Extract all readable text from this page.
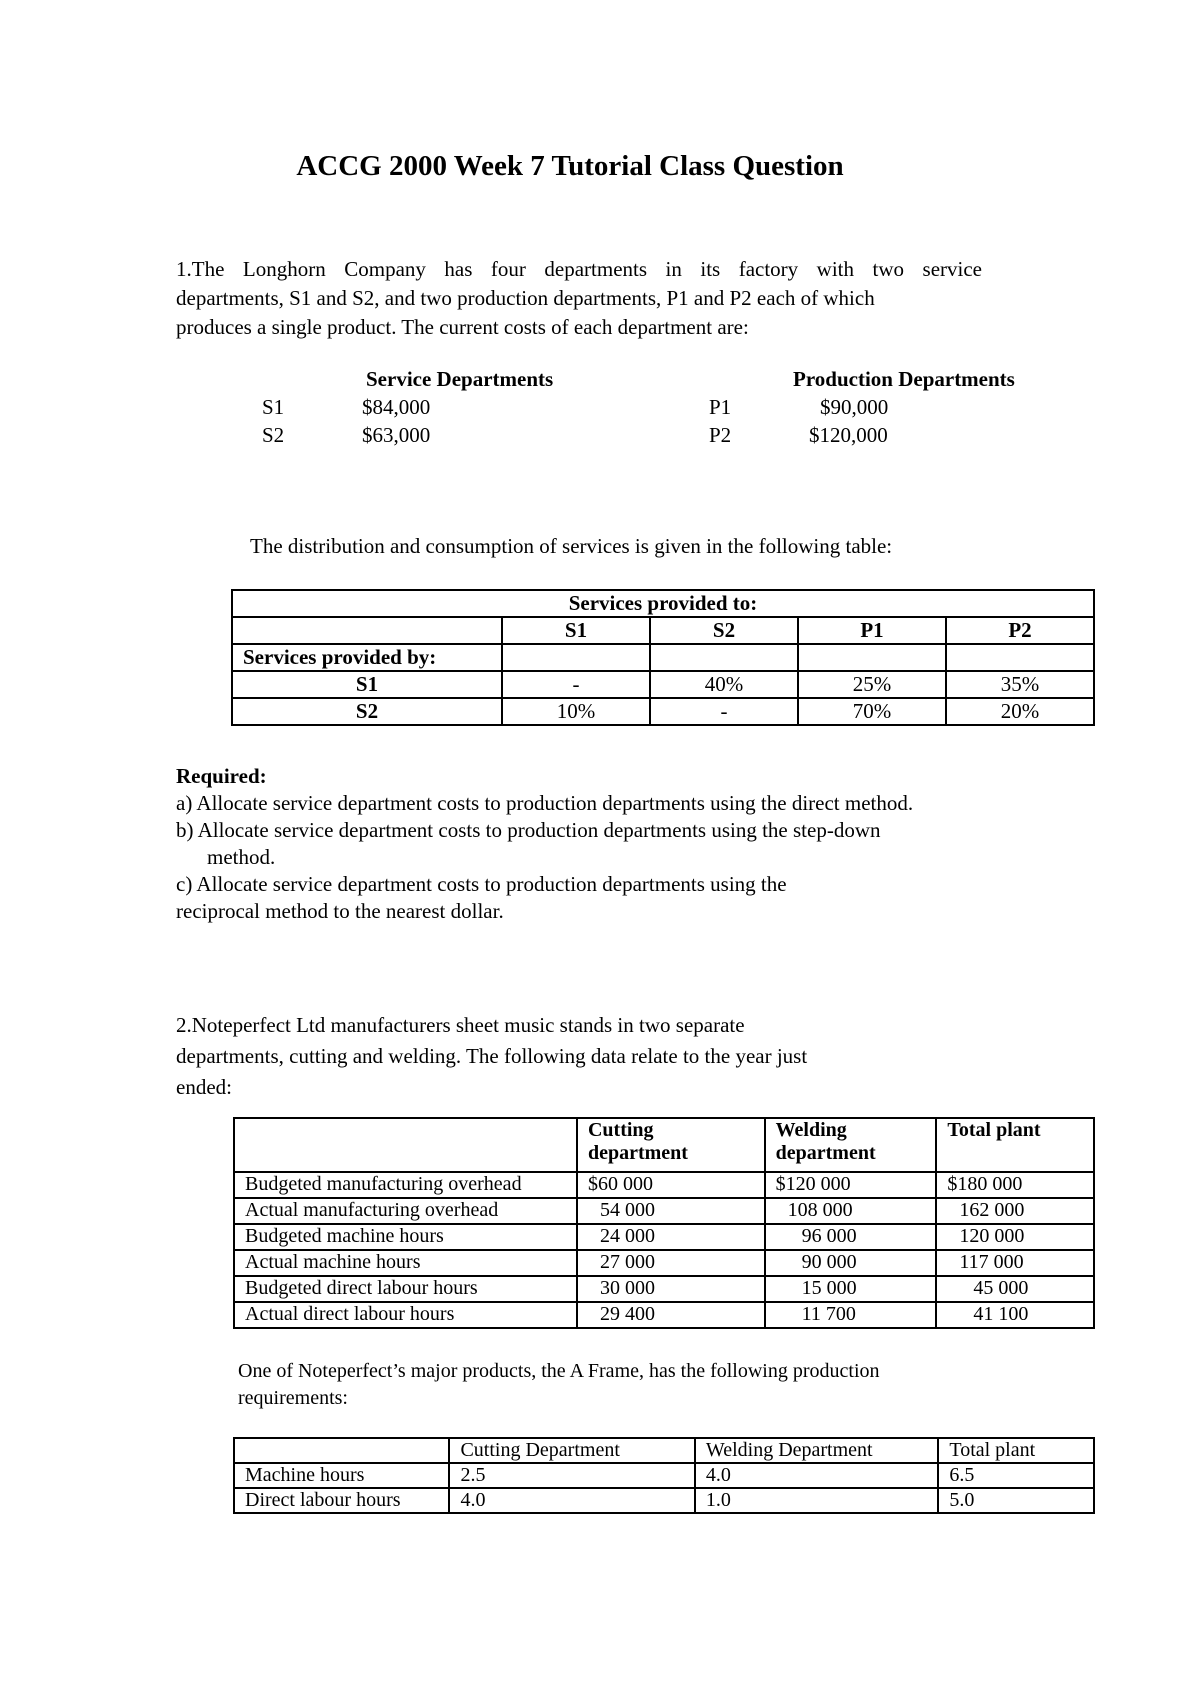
ACCG 2000 Week 7 Tutorial Class Question
1.The Longhorn Company has four departments in its factory with two service
departments, S1 and S2, and two production departments, P1 and P2 each of which
produces a single product. The current costs of each department are:
Service Departments	Production Departments
S1	$84,000
S2	$63,000
P1	$90,000
P2	$120,000
The distribution and consumption of services is given in the following table:
Services provided to:				
	S1	S2	P1	P2
Services provided by:				
S1	-	40%	25%	35%
S2	10%	-	70%	20%
Required:
a) Allocate service department costs to production departments using the direct method.
b) Allocate service department costs to production departments using the step-down
method.
c) Allocate service department costs to production departments using the
reciprocal method to the nearest dollar.
2.Noteperfect Ltd manufacturers sheet music stands in two separate
departments, cutting and welding. The following data relate to the year just
ended:
	Cutting department	Welding department	Total plant
Budgeted manufacturing overhead	$60 000	$120 000	$180 000
Actual manufacturing overhead	54 000	108 000	162 000
Budgeted machine hours	24 000	96 000	120 000
Actual machine hours	27 000	90 000	117 000
Budgeted direct labour hours	30 000	15 000	45 000
Actual direct labour hours	29 400	11 700	41 100
One of Noteperfect’s major products, the A Frame, has the following production
requirements:
	Cutting Department	Welding Department	Total plant
Machine hours	2.5	4.0	6.5
Direct labour hours	4.0	1.0	5.0
